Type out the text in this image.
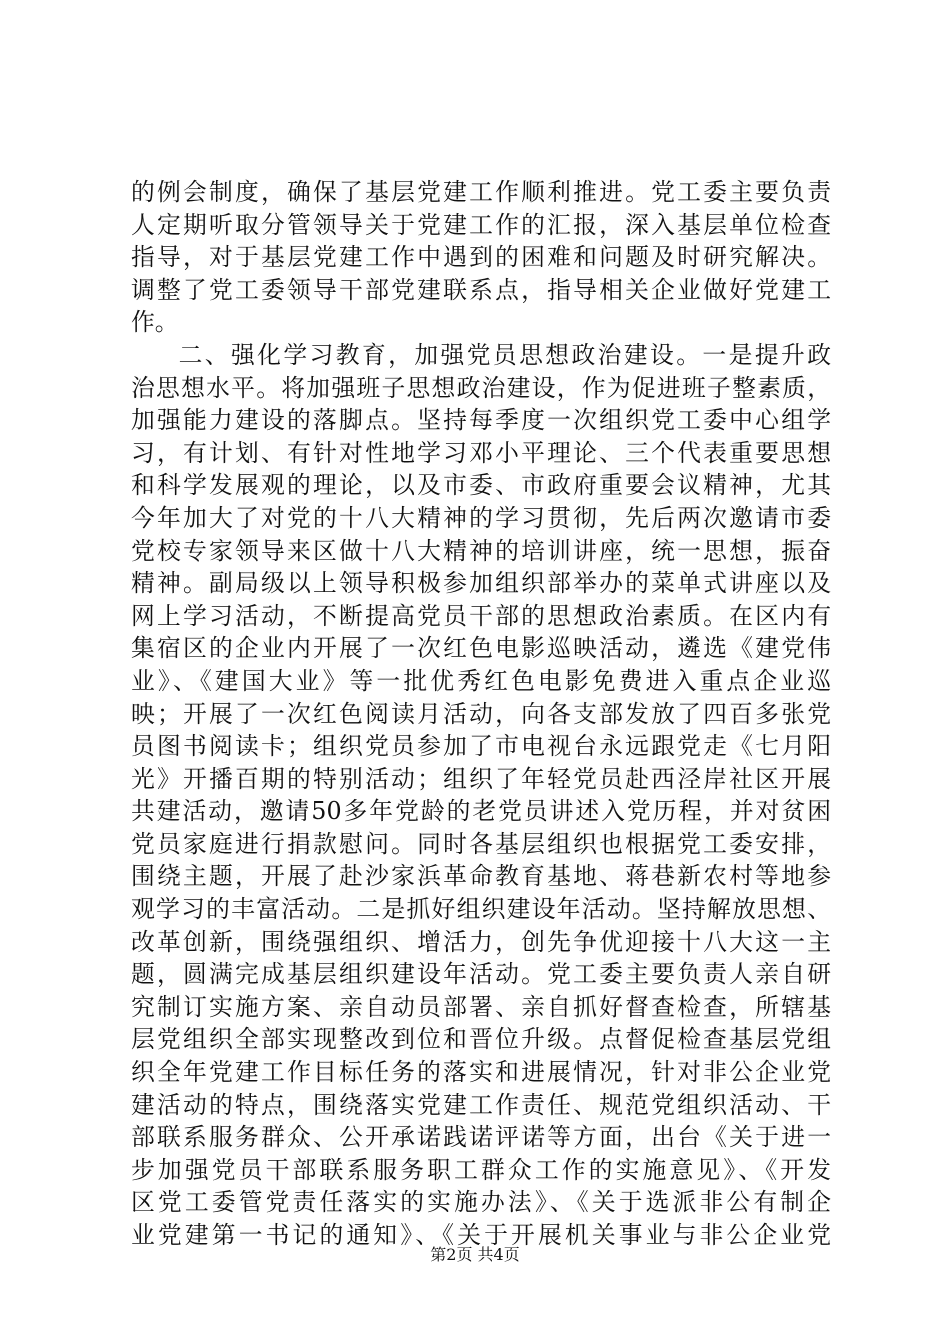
的例会制度，确保了基层党建工作顺利推进。党工委主要负责
人定期听取分管领导关于党建工作的汇报，深入基层单位检查
指导，对于基层党建工作中遇到的困难和问题及时研究解决。
调整了党工委领导干部党建联系点，指导相关企业做好党建工
作。
二、强化学习教育，加强党员思想政治建设。一是提升政
治思想水平。将加强班子思想政治建设，作为促进班子整素质，
加强能力建设的落脚点。坚持每季度一次组织党工委中心组学
习，有计划、有针对性地学习邓小平理论、三个代表重要思想
和科学发展观的理论，以及市委、市政府重要会议精神，尤其
今年加大了对党的十八大精神的学习贯彻，先后两次邀请市委
党校专家领导来区做十八大精神的培训讲座，统一思想，振奋
精神。副局级以上领导积极参加组织部举办的菜单式讲座以及
网上学习活动，不断提高党员干部的思想政治素质。在区内有
集宿区的企业内开展了一次红色电影巡映活动，遴选《建党伟
业》、《建国大业》等一批优秀红色电影免费进入重点企业巡
映；开展了一次红色阅读月活动，向各支部发放了四百多张党
员图书阅读卡；组织党员参加了市电视台永远跟党走《七月阳
光》开播百期的特别活动；组织了年轻党员赴西泾岸社区开展
共建活动，邀请50多年党龄的老党员讲述入党历程，并对贫困
党员家庭进行捐款慰问。同时各基层组织也根据党工委安排，
围绕主题，开展了赴沙家浜革命教育基地、蒋巷新农村等地参
观学习的丰富活动。二是抓好组织建设年活动。坚持解放思想、
改革创新，围绕强组织、增活力，创先争优迎接十八大这一主
题，圆满完成基层组织建设年活动。党工委主要负责人亲自研
究制订实施方案、亲自动员部署、亲自抓好督查检查，所辖基
层党组织全部实现整改到位和晋位升级。点督促检查基层党组
织全年党建工作目标任务的落实和进展情况，针对非公企业党
建活动的特点，围绕落实党建工作责任、规范党组织活动、干
部联系服务群众、公开承诺践诺评诺等方面，出台《关于进一
步加强党员干部联系服务职工群众工作的实施意见》、《开发
区党工委管党责任落实的实施办法》、《关于选派非公有制企
业党建第一书记的通知》、《关于开展机关事业与非公企业党
第2页 共4页
